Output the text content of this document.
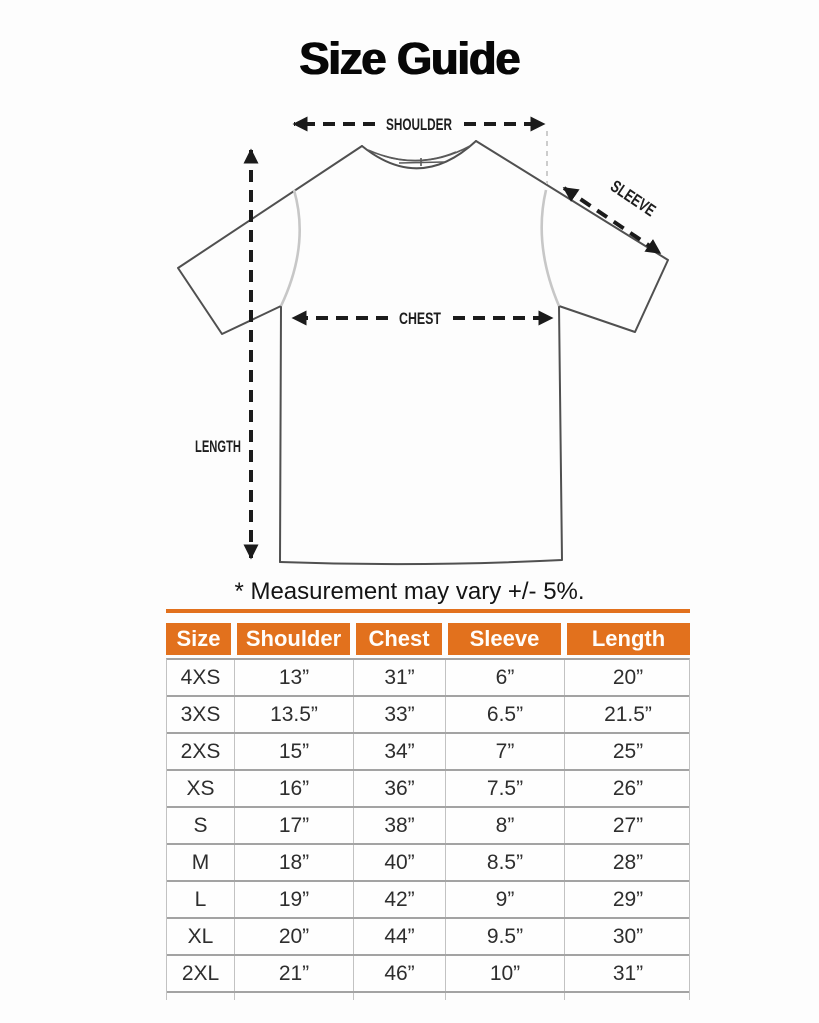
Size Guide
SHOULDER
SLEEVE
CHEST
LENGTH
* Measurement may vary +/- 5%.
Size	Shoulder	Chest	Sleeve	Length
4XS	13”	31”	6”	20”
3XS	13.5”	33”	6.5”	21.5”
2XS	15”	34”	7”	25”
XS	16”	36”	7.5”	26”
S	17”	38”	8”	27”
M	18”	40”	8.5”	28”
L	19”	42”	9”	29”
XL	20”	44”	9.5”	30”
2XL	21”	46”	10”	31”
